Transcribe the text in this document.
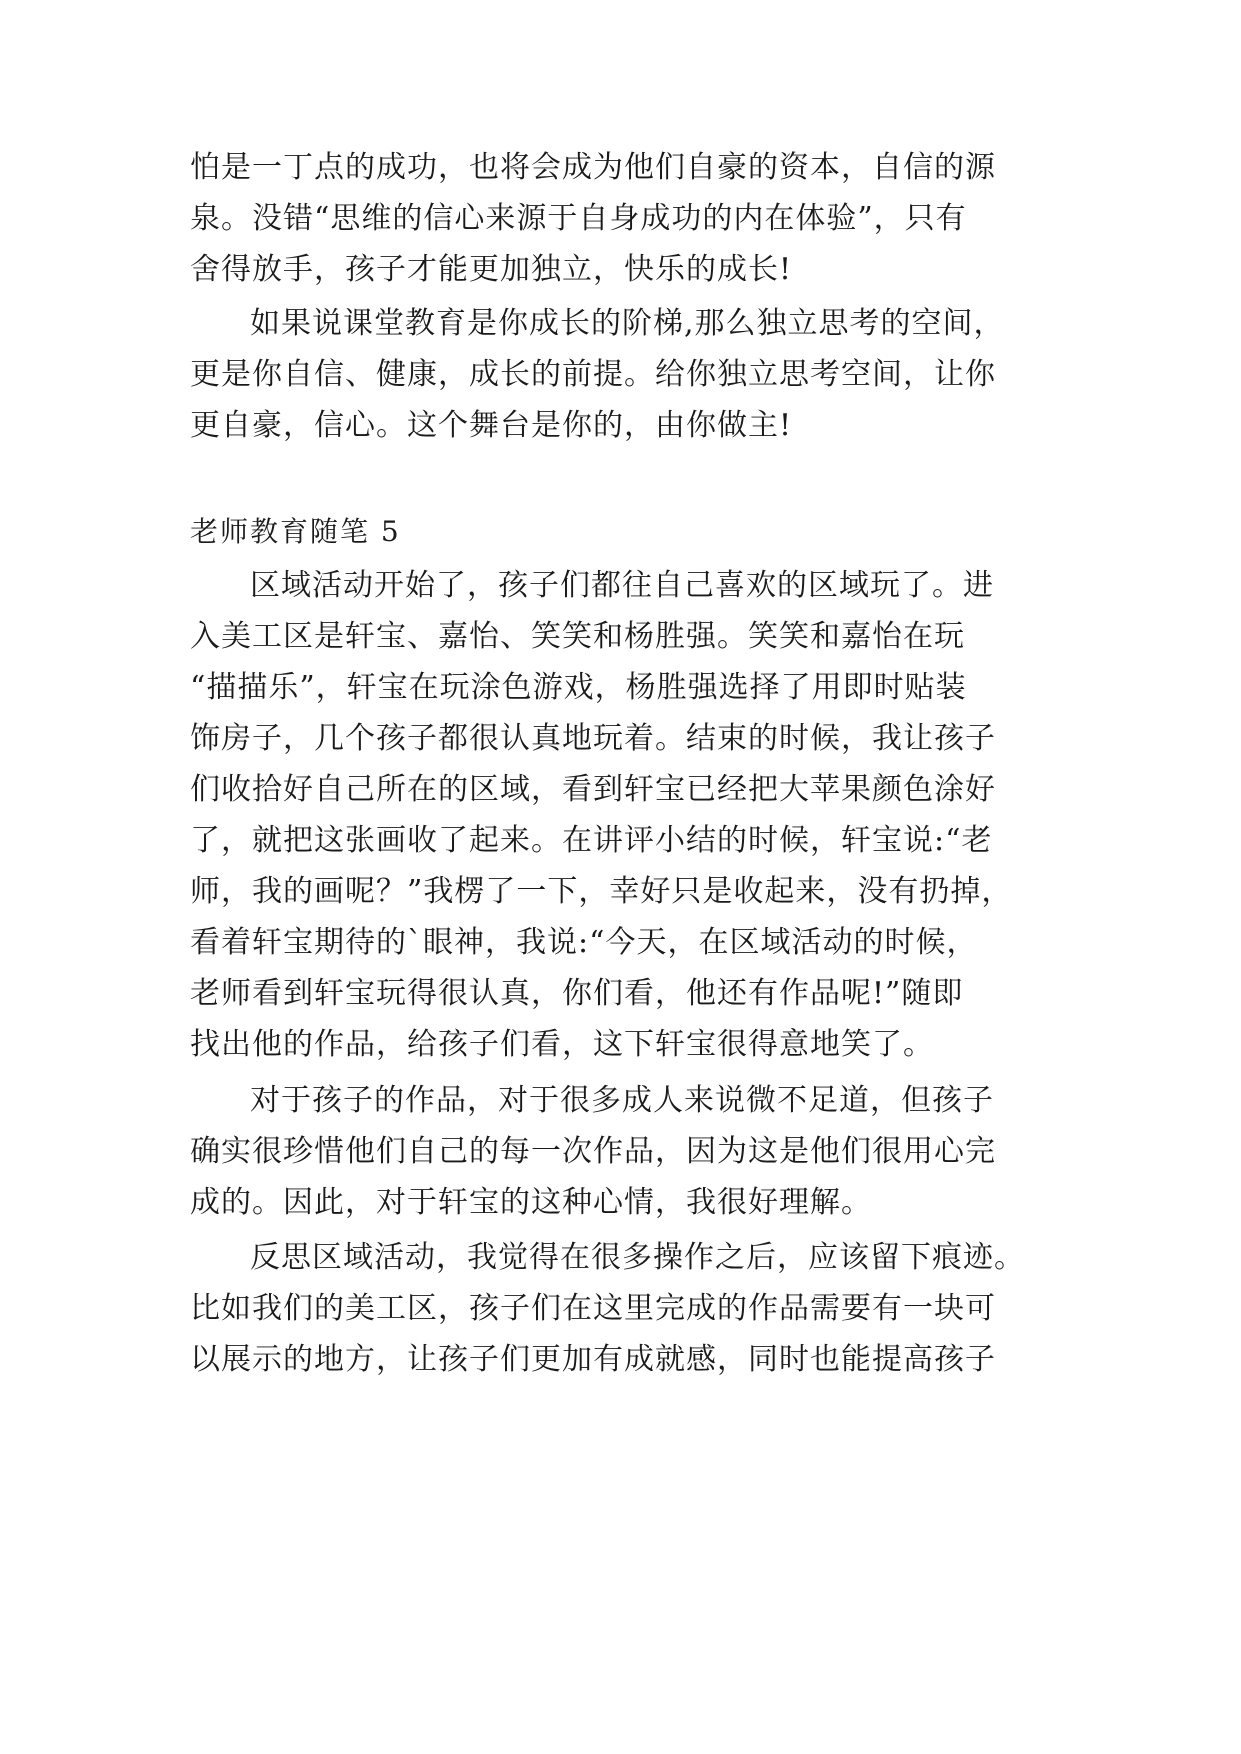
怕是一丁点的成功，也将会成为他们自豪的资本，自信的源
泉。没错“思维的信心来源于自身成功的内在体验”，只有
舍得放手，孩子才能更加独立，快乐的成长!
如果说课堂教育是你成长的阶梯,那么独立思考的空间，
更是你自信、健康，成长的前提。给你独立思考空间，让你
更自豪，信心。这个舞台是你的，由你做主!
老师教育随笔 5
区域活动开始了，孩子们都往自己喜欢的区域玩了。进
入美工区是轩宝、嘉怡、笑笑和杨胜强。笑笑和嘉怡在玩
“描描乐”，轩宝在玩涂色游戏，杨胜强选择了用即时贴装
饰房子，几个孩子都很认真地玩着。结束的时候，我让孩子
们收拾好自己所在的区域，看到轩宝已经把大苹果颜色涂好
了，就把这张画收了起来。在讲评小结的时候，轩宝说:“老
师，我的画呢？”我楞了一下，幸好只是收起来，没有扔掉，
看着轩宝期待的`眼神，我说:“今天，在区域活动的时候，
老师看到轩宝玩得很认真，你们看，他还有作品呢!”随即
找出他的作品，给孩子们看，这下轩宝很得意地笑了。
对于孩子的作品，对于很多成人来说微不足道，但孩子
确实很珍惜他们自己的每一次作品，因为这是他们很用心完
成的。因此，对于轩宝的这种心情，我很好理解。
反思区域活动，我觉得在很多操作之后，应该留下痕迹。
比如我们的美工区，孩子们在这里完成的作品需要有一块可
以展示的地方，让孩子们更加有成就感，同时也能提高孩子
